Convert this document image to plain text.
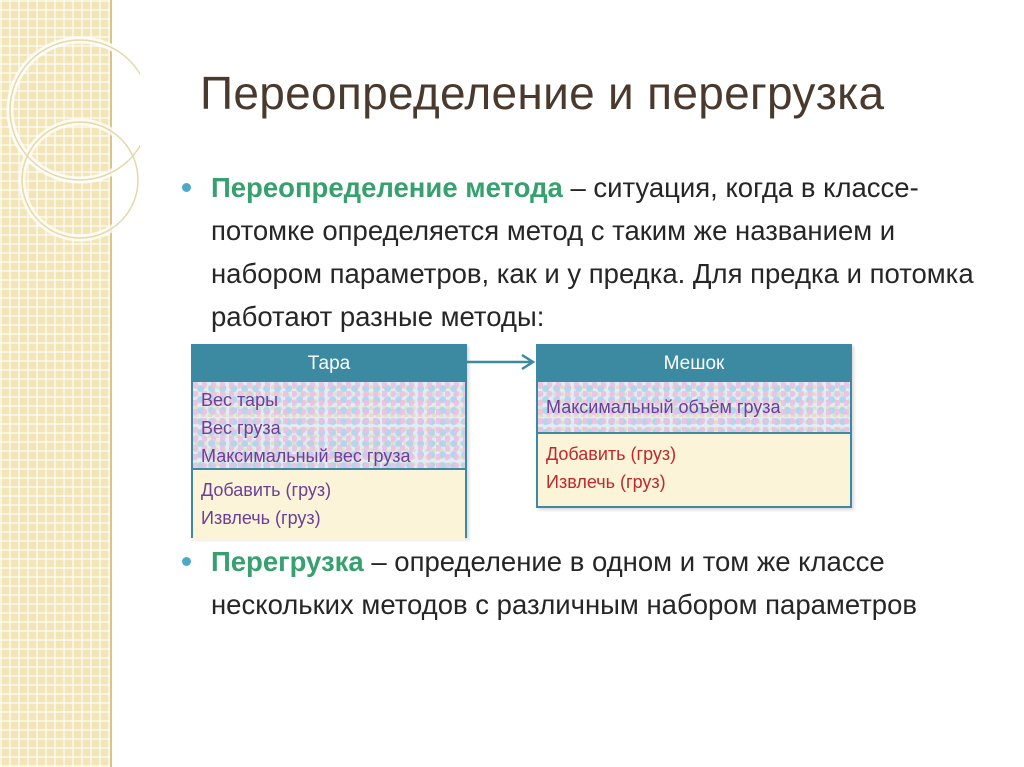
Переопределение и перегрузка
Переопределение метода – ситуация, когда в классе-потомке определяется метод с таким же названием и набором параметров, как и у предка. Для предка и потомка работают разные методы:
Тара
Вес тары
Вес груза
Максимальный вес груза
Добавить (груз)
Извлечь (груз)
Мешок
Максимальный объём груза
Добавить (груз)
Извлечь (груз)
Перегрузка – определение в одном и том же классе нескольких методов с различным набором параметров
